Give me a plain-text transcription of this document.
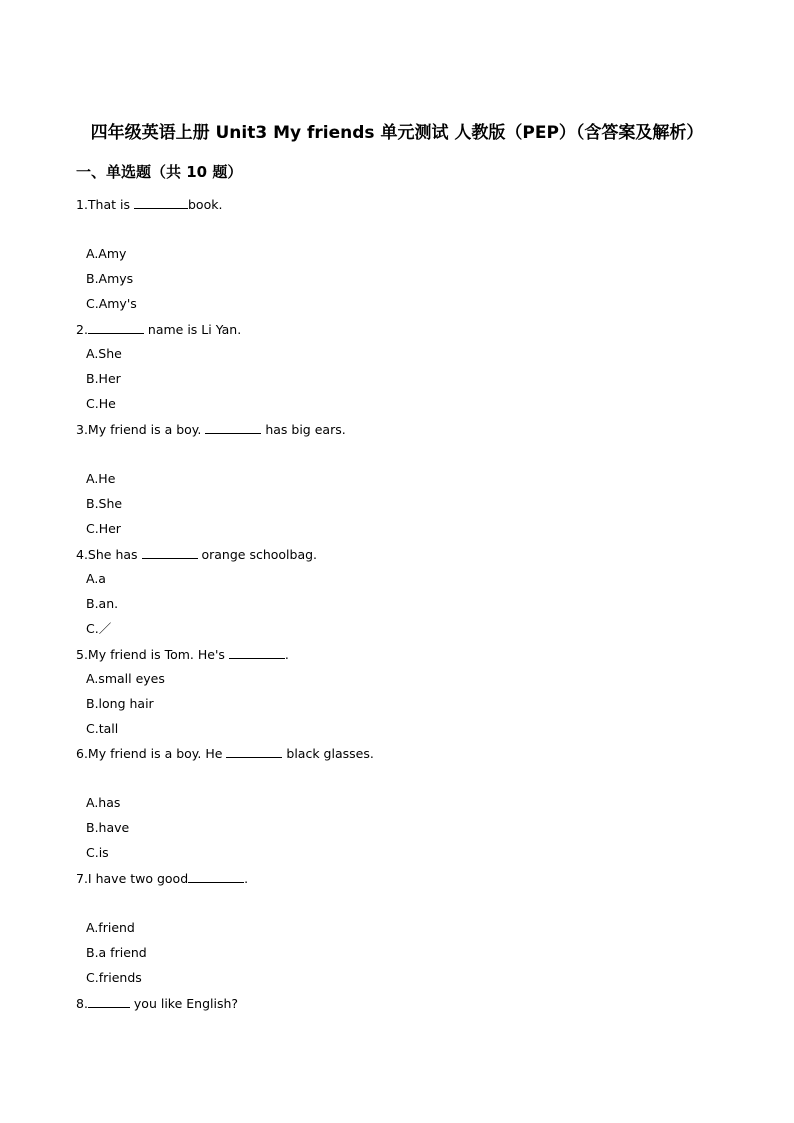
四年级英语上册 Unit3 My friends 单元测试 人教版（PEP）（含答案及解析）
一、单选题（共 10 题）
1.That is	book.
A.Amy
B.Amys
C.Amy's
2.	name is Li Yan.
A.She
B.Her
C.He
3.My friend is a boy.	has big ears.
A.He
B.She
C.Her
4.She has	orange schoolbag.
A.a
B.an.
C.／
5.My friend is Tom. He's	.
A.small eyes
B.long hair
C.tall
6.My friend is a boy. He	black glasses.
A.has
B.have
C.is
7.I have two good	.
A.friend
B.a friend
C.friends
8.	you like English?
